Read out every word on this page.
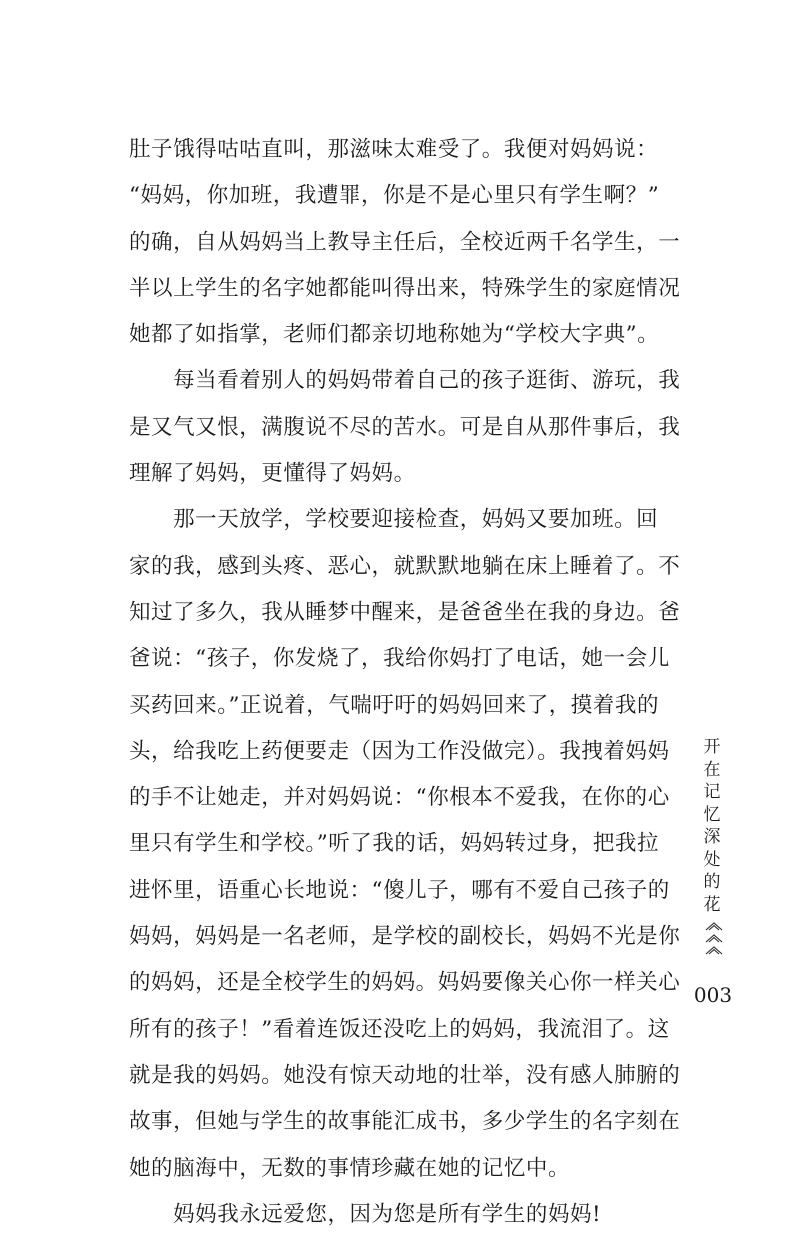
肚子饿得咕咕直叫，那滋味太难受了。我便对妈妈说：
“妈妈，你加班，我遭罪，你是不是心里只有学生啊？”
的确，自从妈妈当上教导主任后，全校近两千名学生，一
半以上学生的名字她都能叫得出来，特殊学生的家庭情况
她都了如指掌，老师们都亲切地称她为“学校大字典”。
　　每当看着别人的妈妈带着自己的孩子逛街、游玩，我
是又气又恨，满腹说不尽的苦水。可是自从那件事后，我
理解了妈妈，更懂得了妈妈。
　　那一天放学，学校要迎接检查，妈妈又要加班。回
家的我，感到头疼、恶心，就默默地躺在床上睡着了。不
知过了多久，我从睡梦中醒来，是爸爸坐在我的身边。爸
爸说：“孩子，你发烧了，我给你妈打了电话，她一会儿
买药回来。”正说着，气喘吁吁的妈妈回来了，摸着我的
头，给我吃上药便要走（因为工作没做完）。我拽着妈妈
的手不让她走，并对妈妈说：“你根本不爱我，在你的心
里只有学生和学校。”听了我的话，妈妈转过身，把我拉
进怀里，语重心长地说：“傻儿子，哪有不爱自己孩子的
妈妈，妈妈是一名老师，是学校的副校长，妈妈不光是你
的妈妈，还是全校学生的妈妈。妈妈要像关心你一样关心
所有的孩子！”看着连饭还没吃上的妈妈，我流泪了。这
就是我的妈妈。她没有惊天动地的壮举，没有感人肺腑的
故事，但她与学生的故事能汇成书，多少学生的名字刻在
她的脑海中，无数的事情珍藏在她的记忆中。
　　妈妈我永远爱您，因为您是所有学生的妈妈!
开
在
记
忆
深
处
的
花
003
